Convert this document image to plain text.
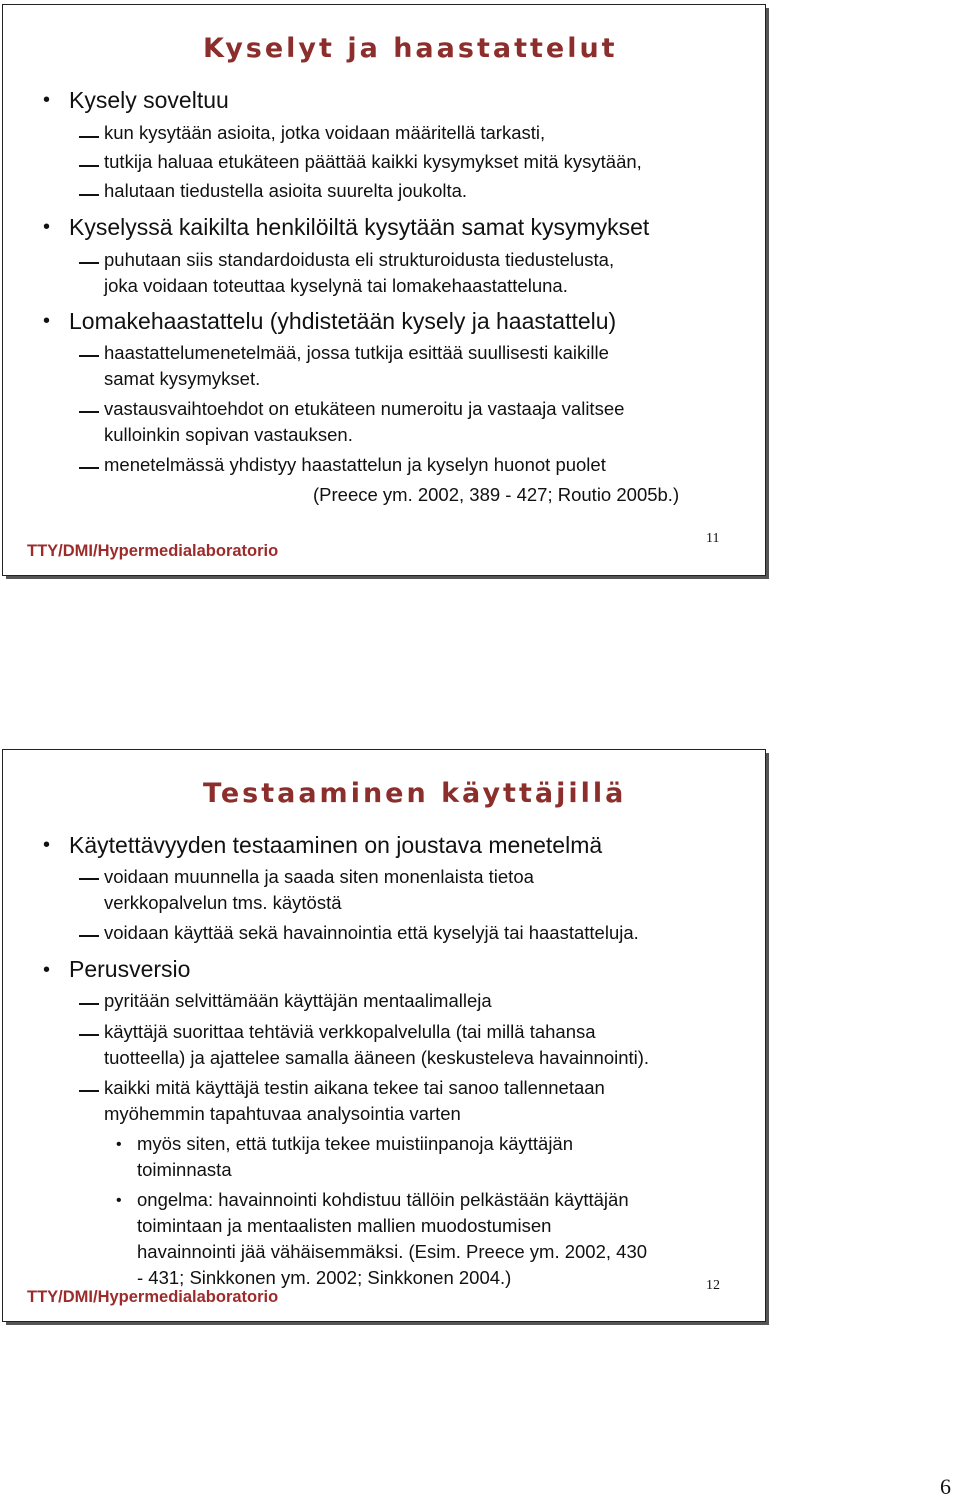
Kyselyt ja haastattelut
• Kysely soveltuu
kun kysytään asioita, jotka voidaan määritellä tarkasti,
tutkija haluaa etukäteen päättää kaikki kysymykset mitä kysytään,
halutaan tiedustella asioita suurelta joukolta.
• Kyselyssä kaikilta henkilöiltä kysytään samat kysymykset
puhutaan siis standardoidusta eli strukturoidusta tiedustelusta,
joka voidaan toteuttaa kyselynä tai lomakehaastatteluna.
• Lomakehaastattelu (yhdistetään kysely ja haastattelu)
haastattelumenetelmää, jossa tutkija esittää suullisesti kaikille
samat kysymykset.
vastausvaihtoehdot on etukäteen numeroitu ja vastaaja valitsee
kulloinkin sopivan vastauksen.
menetelmässä yhdistyy haastattelun ja kyselyn huonot puolet
(Preece ym. 2002, 389 - 427; Routio 2005b.)
TTY/DMI/Hypermedialaboratorio
11
Testaaminen käyttäjillä
• Käytettävyyden testaaminen on joustava menetelmä
voidaan muunnella ja saada siten monenlaista tietoa
verkkopalvelun tms. käytöstä
voidaan käyttää sekä havainnointia että kyselyjä tai haastatteluja.
• Perusversio
pyritään selvittämään käyttäjän mentaalimalleja
käyttäjä suorittaa tehtäviä verkkopalvelulla (tai millä tahansa
tuotteella) ja ajattelee samalla ääneen (keskusteleva havainnointi).
kaikki mitä käyttäjä testin aikana tekee tai sanoo tallennetaan
myöhemmin tapahtuvaa analysointia varten
• myös siten, että tutkija tekee muistiinpanoja käyttäjän
toiminnasta
• ongelma: havainnointi kohdistuu tällöin pelkästään käyttäjän
toimintaan ja mentaalisten mallien muodostumisen
havainnointi jää vähäisemmäksi. (Esim. Preece ym. 2002, 430
- 431; Sinkkonen ym. 2002; Sinkkonen 2004.)
TTY/DMI/Hypermedialaboratorio
12
6
